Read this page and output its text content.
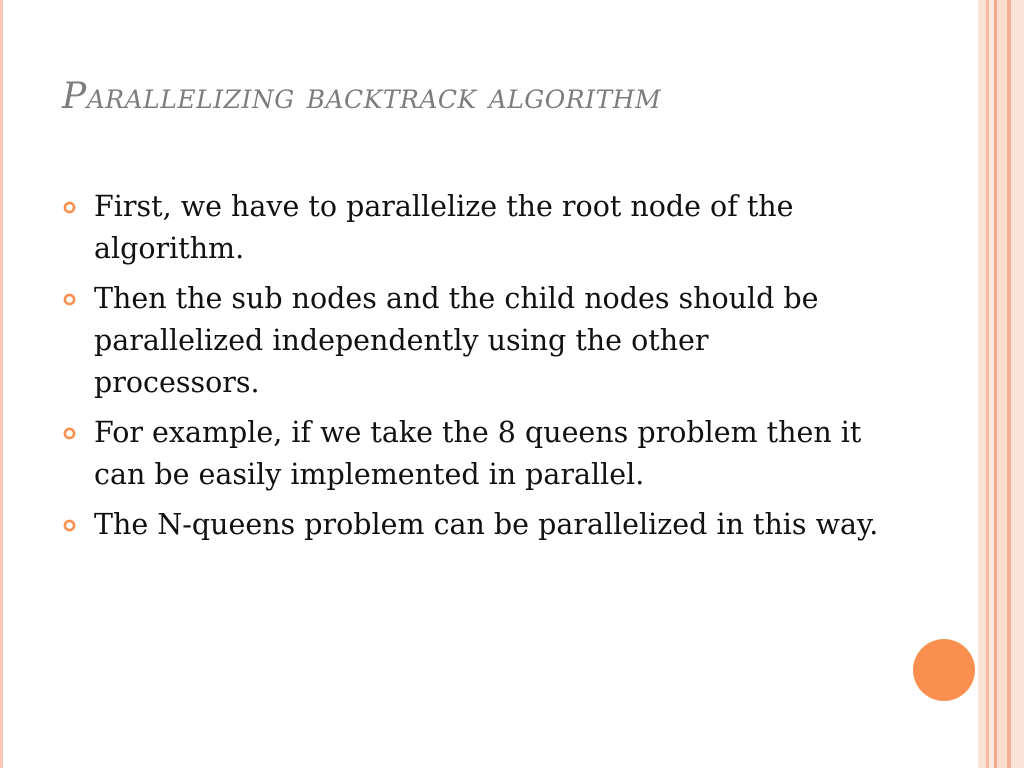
Parallelizing backtrack algorithm
First, we have to parallelize the root node of the algorithm.
Then the sub nodes and the child nodes should be parallelized independently using the other processors.
For example, if we take the 8 queens problem then it can be easily implemented in parallel.
The N-queens problem can be parallelized in this way.
